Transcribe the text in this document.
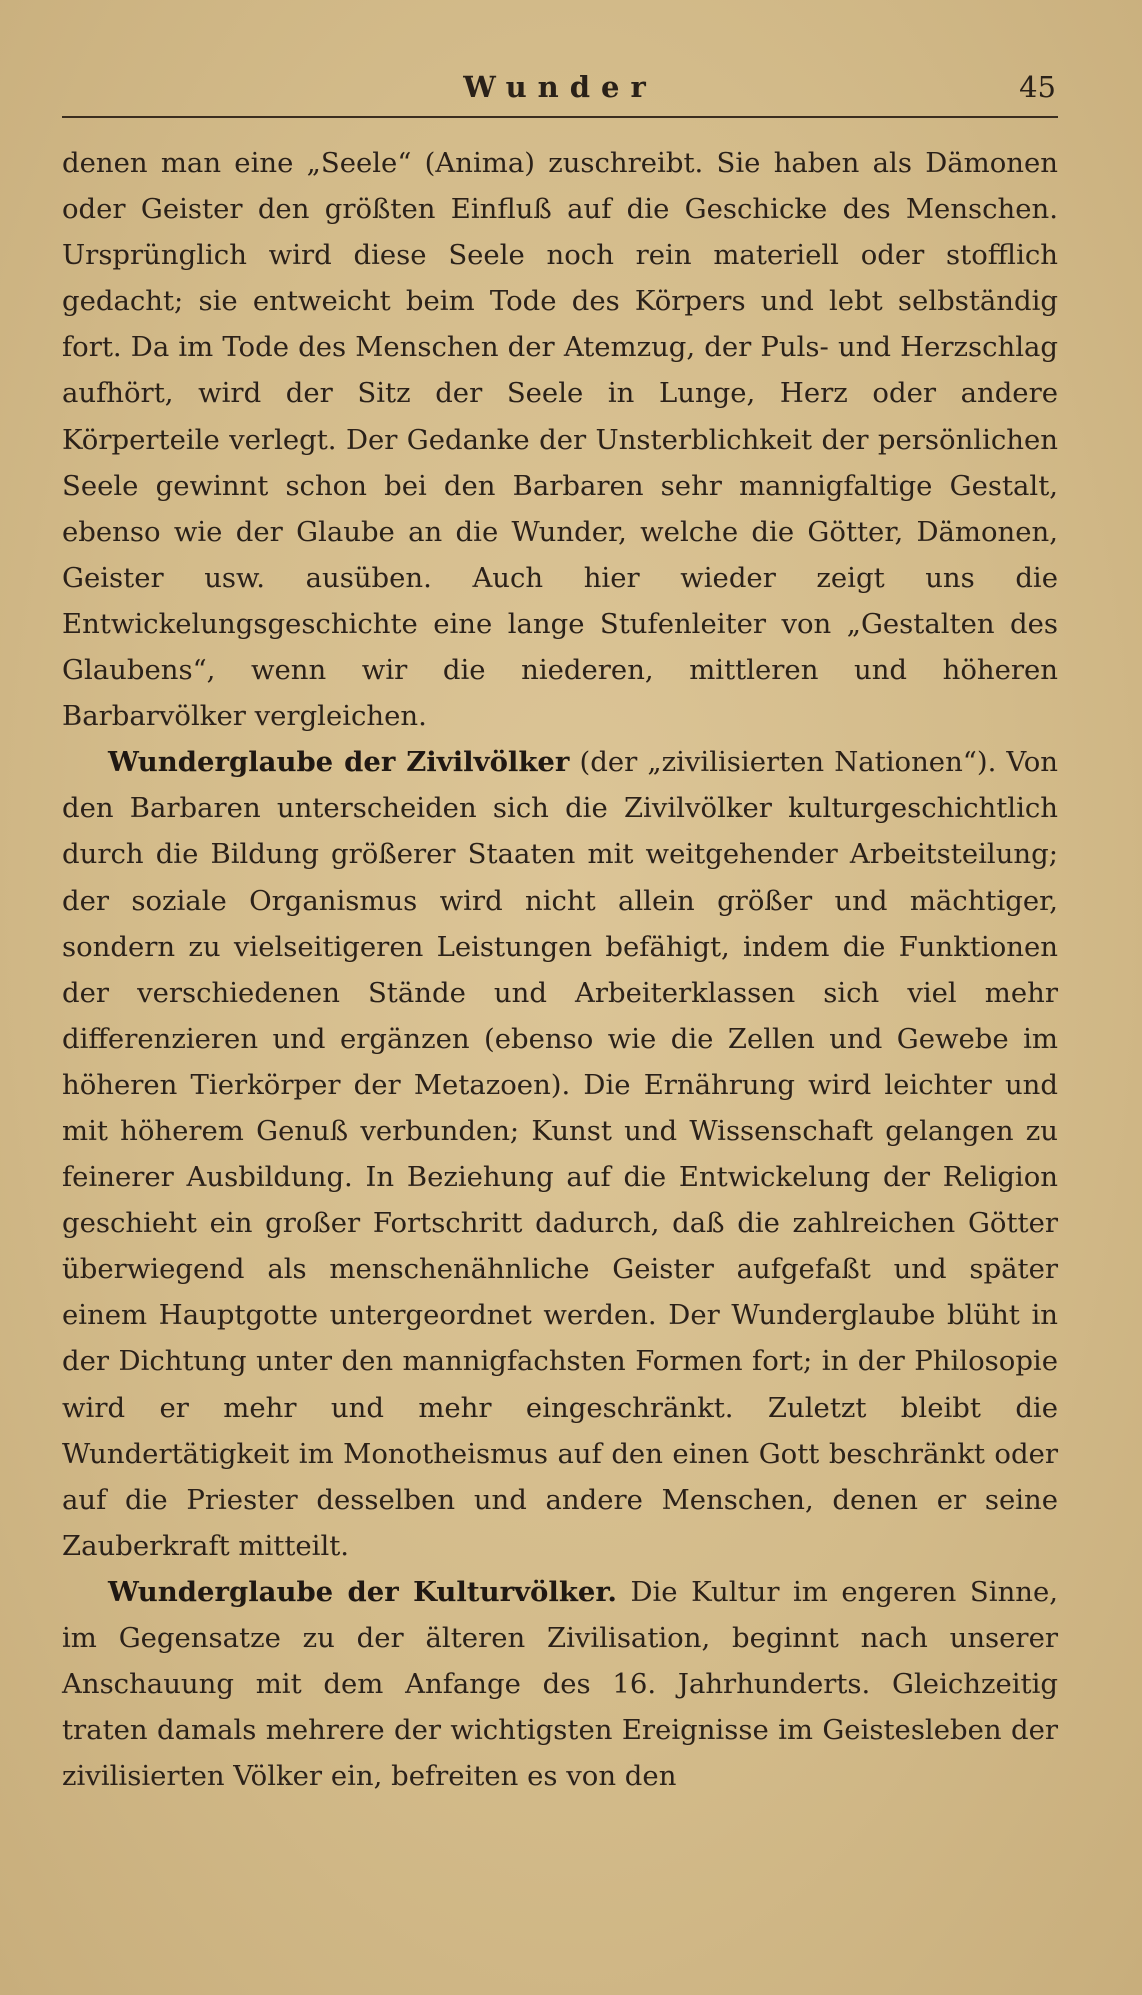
Wunder	45

denen man eine „Seele“ (Anima) zuschreibt. Sie haben als Dämonen oder Geister den größten Einfluß auf die Geschicke des Menschen. Ursprünglich wird diese Seele noch rein materiell oder stofflich gedacht; sie entweicht beim Tode des Körpers und lebt selbständig fort. Da im Tode des Menschen der Atemzug, der Puls- und Herzschlag aufhört, wird der Sitz der Seele in Lunge, Herz oder andere Körperteile verlegt. Der Gedanke der Unsterblichkeit der persönlichen Seele gewinnt schon bei den Barbaren sehr mannigfaltige Gestalt, ebenso wie der Glaube an die Wunder, welche die Götter, Dämonen, Geister usw. ausüben. Auch hier wieder zeigt uns die Entwickelungsgeschichte eine lange Stufenleiter von „Gestalten des Glaubens“, wenn wir die niederen, mittleren und höheren Barbarvölker vergleichen.

Wunderglaube der Zivilvölker (der „zivilisierten Nationen“). Von den Barbaren unterscheiden sich die Zivilvölker kulturgeschichtlich durch die Bildung größerer Staaten mit weitgehender Arbeitsteilung; der soziale Organismus wird nicht allein größer und mächtiger, sondern zu vielseitigeren Leistungen befähigt, indem die Funktionen der verschiedenen Stände und Arbeiterklassen sich viel mehr differenzieren und ergänzen (ebenso wie die Zellen und Gewebe im höheren Tierkörper der Metazoen). Die Ernährung wird leichter und mit höherem Genuß verbunden; Kunst und Wissenschaft gelangen zu feinerer Ausbildung. In Beziehung auf die Entwickelung der Religion geschieht ein großer Fortschritt dadurch, daß die zahlreichen Götter überwiegend als menschenähnliche Geister aufgefaßt und später einem Hauptgotte untergeordnet werden. Der Wunderglaube blüht in der Dichtung unter den mannigfachsten Formen fort; in der Philosopie wird er mehr und mehr eingeschränkt. Zuletzt bleibt die Wundertätigkeit im Monotheismus auf den einen Gott beschränkt oder auf die Priester desselben und andere Menschen, denen er seine Zauberkraft mitteilt.

Wunderglaube der Kulturvölker. Die Kultur im engeren Sinne, im Gegensatze zu der älteren Zivilisation, beginnt nach unserer Anschauung mit dem Anfange des 16. Jahrhunderts. Gleichzeitig traten damals mehrere der wichtigsten Ereignisse im Geistesleben der zivilisierten Völker ein, befreiten es von den
